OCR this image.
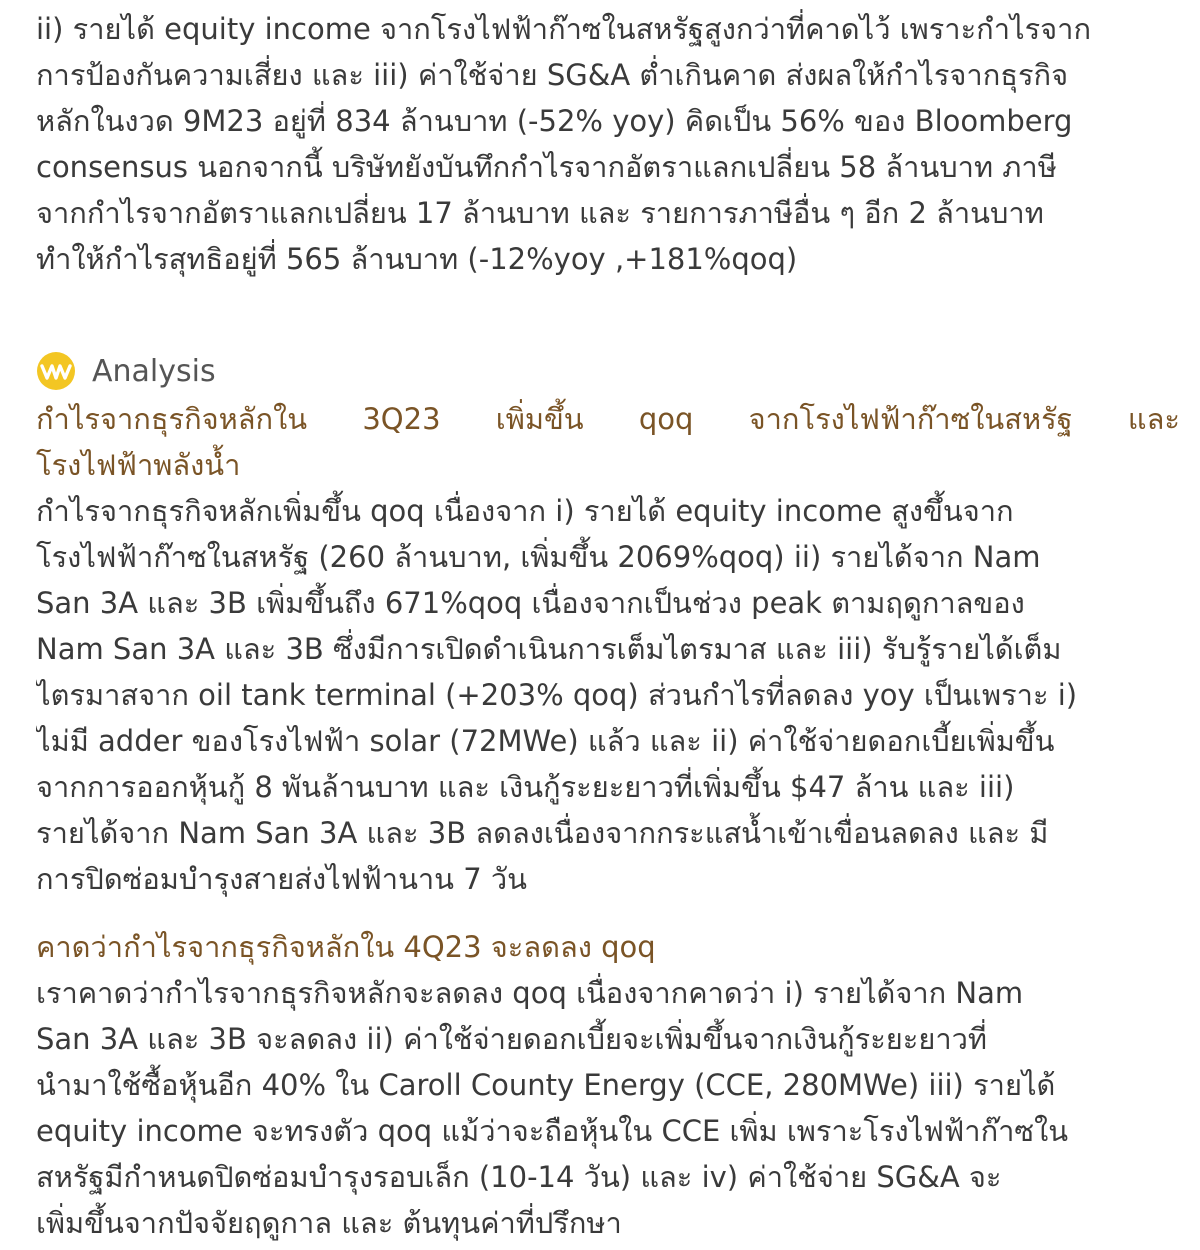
ii) รายได้ equity income จากโรงไฟฟ้าก๊าซในสหรัฐสูงกว่าที่คาดไว้ เพราะกำไรจาก
การป้องกันความเสี่ยง และ iii) ค่าใช้จ่าย SG&A ต่ำเกินคาด ส่งผลให้กำไรจากธุรกิจ
หลักในงวด 9M23 อยู่ที่ 834 ล้านบาท (-52% yoy) คิดเป็น 56% ของ Bloomberg
consensus นอกจากนี้ บริษัทยังบันทึกกำไรจากอัตราแลกเปลี่ยน 58 ล้านบาท ภาษี
จากกำไรจากอัตราแลกเปลี่ยน 17 ล้านบาท และ รายการภาษีอื่น ๆ อีก 2 ล้านบาท
ทำให้กำไรสุทธิอยู่ที่ 565 ล้านบาท (-12%yoy ,+181%qoq)
Analysis
กำไรจากธุรกิจหลักใน 3Q23 เพิ่มขึ้น qoq จากโรงไฟฟ้าก๊าซในสหรัฐ และ
โรงไฟฟ้าพลังน้ำ
กำไรจากธุรกิจหลักเพิ่มขึ้น qoq เนื่องจาก i) รายได้ equity income สูงขึ้นจาก
โรงไฟฟ้าก๊าซในสหรัฐ (260 ล้านบาท, เพิ่มขึ้น 2069%qoq) ii) รายได้จาก Nam
San 3A และ 3B เพิ่มขึ้นถึง 671%qoq เนื่องจากเป็นช่วง peak ตามฤดูกาลของ
Nam San 3A และ 3B ซึ่งมีการเปิดดำเนินการเต็มไตรมาส และ iii) รับรู้รายได้เต็ม
ไตรมาสจาก oil tank terminal (+203% qoq) ส่วนกำไรที่ลดลง yoy เป็นเพราะ i)
ไม่มี adder ของโรงไฟฟ้า solar (72MWe) แล้ว และ ii) ค่าใช้จ่ายดอกเบี้ยเพิ่มขึ้น
จากการออกหุ้นกู้ 8 พันล้านบาท และ เงินกู้ระยะยาวที่เพิ่มขึ้น $47 ล้าน และ iii)
รายได้จาก Nam San 3A และ 3B ลดลงเนื่องจากกระแสน้ำเข้าเขื่อนลดลง และ มี
การปิดซ่อมบำรุงสายส่งไฟฟ้านาน 7 วัน
คาดว่ากำไรจากธุรกิจหลักใน 4Q23 จะลดลง qoq
เราคาดว่ากำไรจากธุรกิจหลักจะลดลง qoq เนื่องจากคาดว่า i) รายได้จาก Nam
San 3A และ 3B จะลดลง ii) ค่าใช้จ่ายดอกเบี้ยจะเพิ่มขึ้นจากเงินกู้ระยะยาวที่
นำมาใช้ซื้อหุ้นอีก 40% ใน Caroll County Energy (CCE, 280MWe) iii) รายได้
equity income จะทรงตัว qoq แม้ว่าจะถือหุ้นใน CCE เพิ่ม เพราะโรงไฟฟ้าก๊าซใน
สหรัฐมีกำหนดปิดซ่อมบำรุงรอบเล็ก (10-14 วัน) และ iv) ค่าใช้จ่าย SG&A จะ
เพิ่มขึ้นจากปัจจัยฤดูกาล และ ต้นทุนค่าที่ปรึกษา
